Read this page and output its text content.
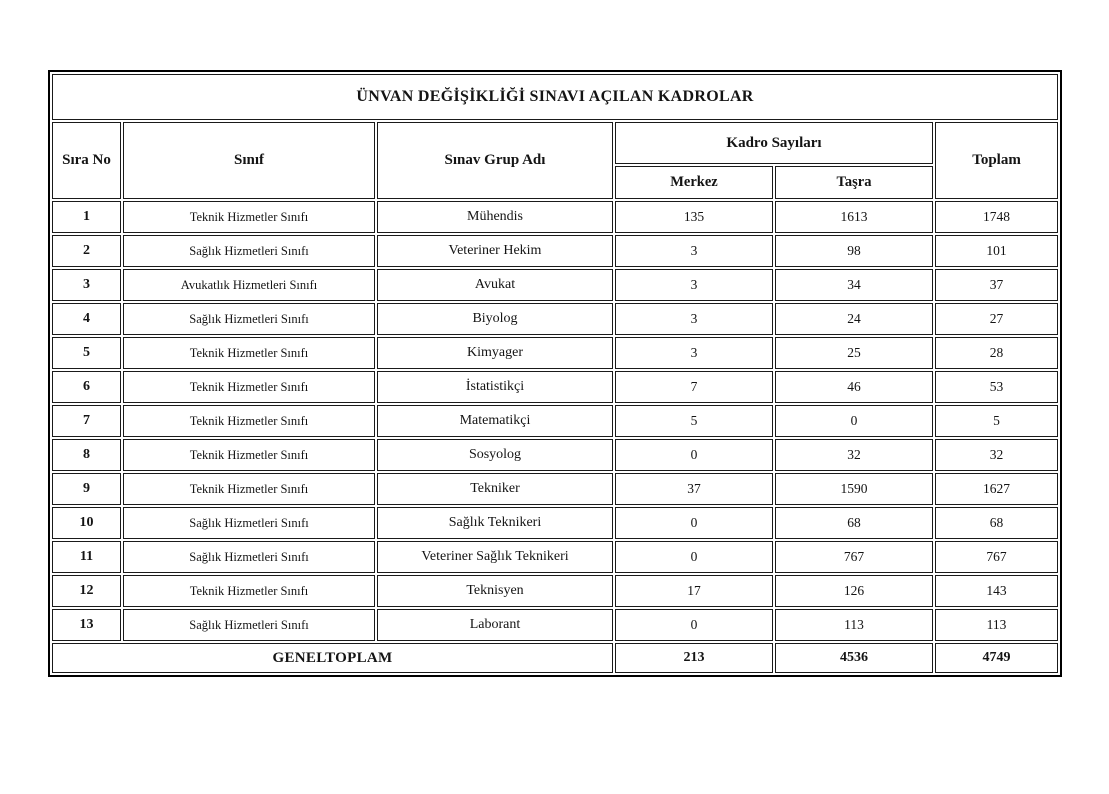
ÜNVAN DEĞİŞİKLİĞİ SINAVI AÇILAN KADROLAR					
Sıra No	Sınıf	Sınav Grup Adı	Kadro Sayıları		Toplam
			Merkez	Taşra	
1	Teknik Hizmetler Sınıfı	Mühendis	135	1613	1748
2	Sağlık Hizmetleri Sınıfı	Veteriner Hekim	3	98	101
3	Avukatlık Hizmetleri Sınıfı	Avukat	3	34	37
4	Sağlık Hizmetleri Sınıfı	Biyolog	3	24	27
5	Teknik Hizmetler Sınıfı	Kimyager	3	25	28
6	Teknik Hizmetler Sınıfı	İstatistikçi	7	46	53
7	Teknik Hizmetler Sınıfı	Matematikçi	5	0	5
8	Teknik Hizmetler Sınıfı	Sosyolog	0	32	32
9	Teknik Hizmetler Sınıfı	Tekniker	37	1590	1627
10	Sağlık Hizmetleri Sınıfı	Sağlık Teknikeri	0	68	68
11	Sağlık Hizmetleri Sınıfı	Veteriner Sağlık Teknikeri	0	767	767
12	Teknik Hizmetler Sınıfı	Teknisyen	17	126	143
13	Sağlık Hizmetleri Sınıfı	Laborant	0	113	113
GENELTOPLAM			213	4536	4749
